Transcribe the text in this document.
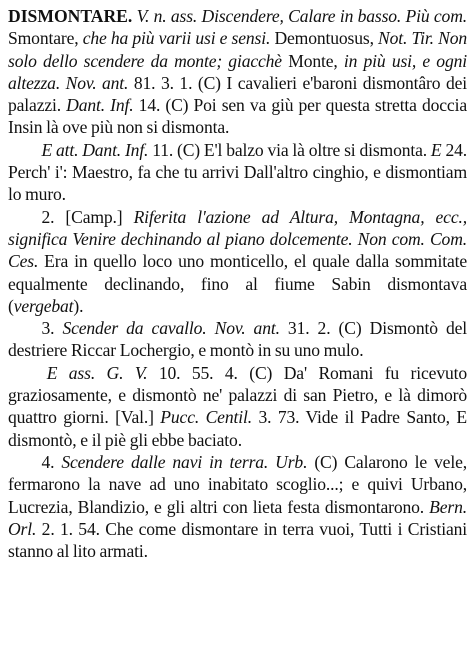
DISMONTARE. V. n. ass. Discendere, Calare in basso. Più com. Smontare, che ha più varii usi e sensi. Demontuosus, Not. Tir. Non solo dello scendere da monte; giacchè Monte, in più usi, e ogni altezza. Nov. ant. 81. 3. 1. (C) I cavalieri e'baroni dismontâro dei palazzi. Dant. Inf. 14. (C) Poi sen va giù per questa stretta doccia Insin là ove più non si dismonta.

E att. Dant. Inf. 11. (C) E'l balzo via là oltre si dismonta. E 24. Perch' i': Maestro, fa che tu arrivi Dall'altro cinghio, e dismontiam lo muro.

2. [Camp.] Riferita l'azione ad Altura, Montagna, ecc., significa Venire dechinando al piano dolcemente. Non com. Com. Ces. Era in quello loco uno monticello, el quale dalla sommitate equalmente declinando, fino al fiume Sabin dismontava (vergebat).

3. Scender da cavallo. Nov. ant. 31. 2. (C) Dismontò del destriere Riccar Lochergio, e montò in su uno mulo.

E ass. G. V. 10. 55. 4. (C) Da' Romani fu ricevuto graziosamente, e dismontò ne' palazzi di san Pietro, e là dimorò quattro giorni. [Val.] Pucc. Centil. 3. 73. Vide il Padre Santo, E dismontò, e il piè gli ebbe baciato.

4. Scendere dalle navi in terra. Urb. (C) Calarono le vele, fermarono la nave ad uno inabitato scoglio...; e quivi Urbano, Lucrezia, Blandizio, e gli altri con lieta festa dismontarono. Bern. Orl. 2. 1. 54. Che come dismontare in terra vuoi, Tutti i Cristiani stanno al lito armati.
